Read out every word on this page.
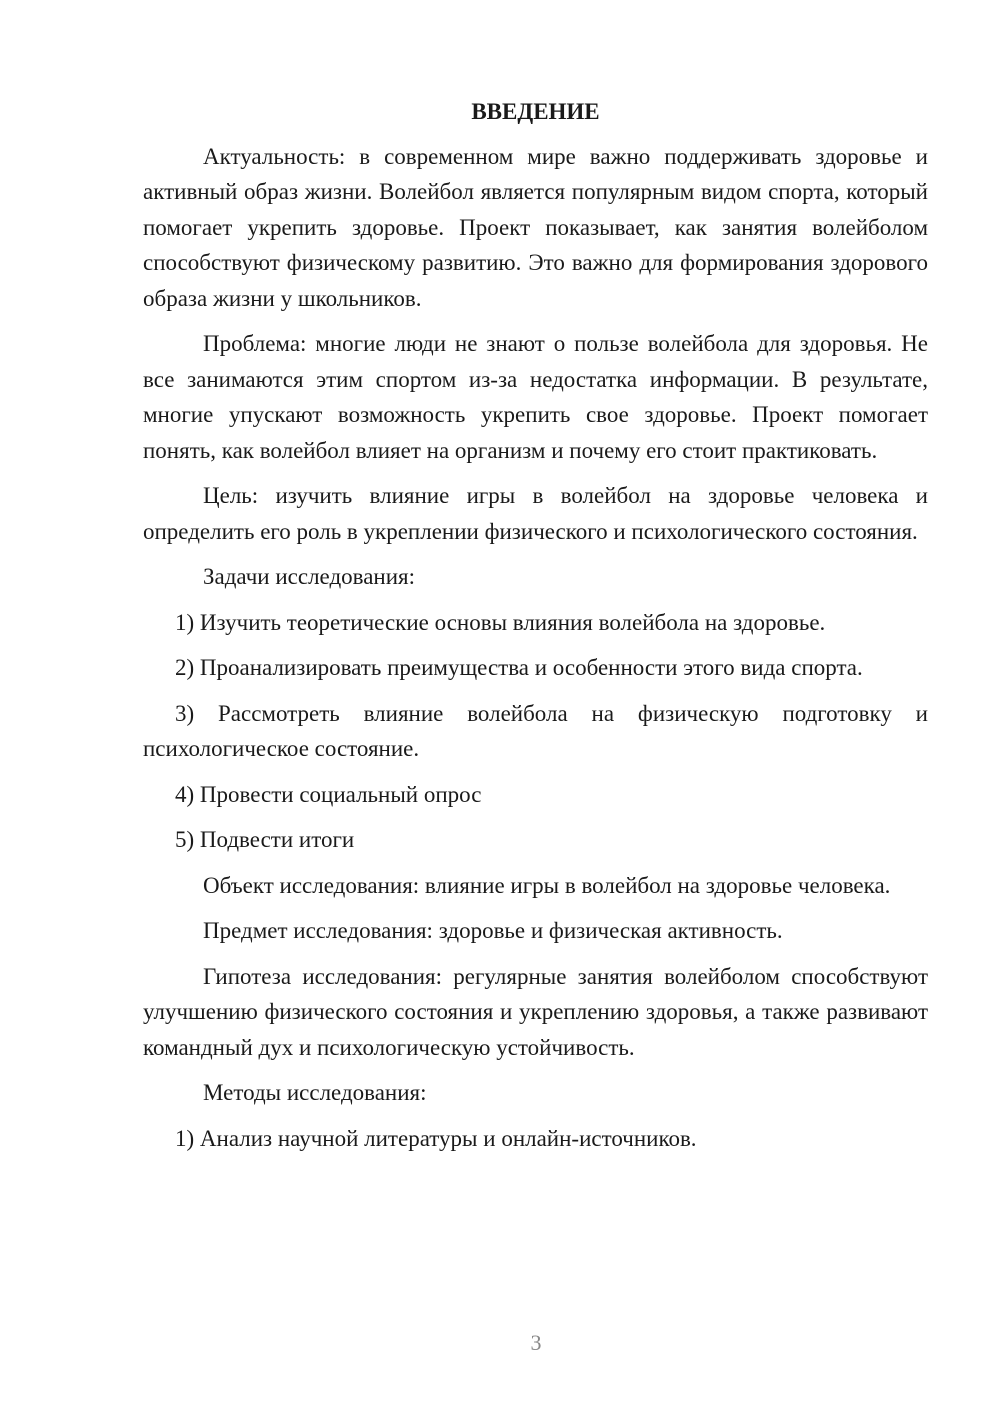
ВВЕДЕНИЕ

Актуальность: в современном мире важно поддерживать здоровье и активный образ жизни. Волейбол является популярным видом спорта, который помогает укрепить здоровье. Проект показывает, как занятия волейболом способствуют физическому развитию. Это важно для формирования здорового образа жизни у школьников.

Проблема: многие люди не знают о пользе волейбола для здоровья. Не все занимаются этим спортом из-за недостатка информации. В результате, многие упускают возможность укрепить свое здоровье. Проект помогает понять, как волейбол влияет на организм и почему его стоит практиковать.

Цель: изучить влияние игры в волейбол на здоровье человека и определить его роль в укреплении физического и психологического состояния.

Задачи исследования:

1) Изучить теоретические основы влияния волейбола на здоровье.

2) Проанализировать преимущества и особенности этого вида спорта.

3) Рассмотреть влияние волейбола на физическую подготовку и психологическое состояние.

4) Провести социальный опрос

5) Подвести итоги

Объект исследования: влияние игры в волейбол на здоровье человека.

Предмет исследования: здоровье и физическая активность.

Гипотеза исследования: регулярные занятия волейболом способствуют улучшению физического состояния и укреплению здоровья, а также развивают командный дух и психологическую устойчивость.

Методы исследования:

1) Анализ научной литературы и онлайн-источников.

3
